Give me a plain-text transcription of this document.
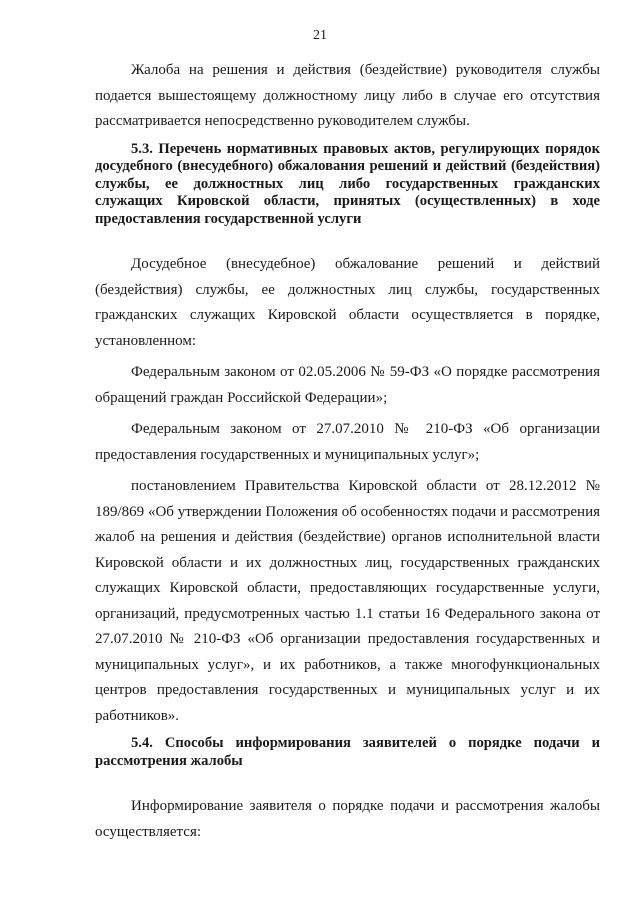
21

Жалоба на решения и действия (бездействие) руководителя службы подается вышестоящему должностному лицу либо в случае его отсутствия рассматривается непосредственно руководителем службы.

5.3. Перечень нормативных правовых актов, регулирующих порядок досудебного (внесудебного) обжалования решений и действий (бездействия) службы, ее должностных лиц либо государственных гражданских служащих Кировской области, принятых (осуществленных) в ходе предоставления государственной услуги

Досудебное (внесудебное) обжалование решений и действий (бездействия) службы, ее должностных лиц службы, государственных гражданских служащих Кировской области осуществляется в порядке, установленном:

Федеральным законом от 02.05.2006 № 59-ФЗ «О порядке рассмотрения обращений граждан Российской Федерации»;

Федеральным законом от 27.07.2010 № 210-ФЗ «Об организации предоставления государственных и муниципальных услуг»;

постановлением Правительства Кировской области от 28.12.2012 № 189/869 «Об утверждении Положения об особенностях подачи и рассмотрения жалоб на решения и действия (бездействие) органов исполнительной власти Кировской области и их должностных лиц, государственных гражданских служащих Кировской области, предоставляющих государственные услуги, организаций, предусмотренных частью 1.1 статьи 16 Федерального закона от 27.07.2010 № 210-ФЗ «Об организации предоставления государственных и муниципальных услуг», и их работников, а также многофункциональных центров предоставления государственных и муниципальных услуг и их работников».

5.4. Способы информирования заявителей о порядке подачи и рассмотрения жалобы

Информирование заявителя о порядке подачи и рассмотрения жалобы осуществляется:
